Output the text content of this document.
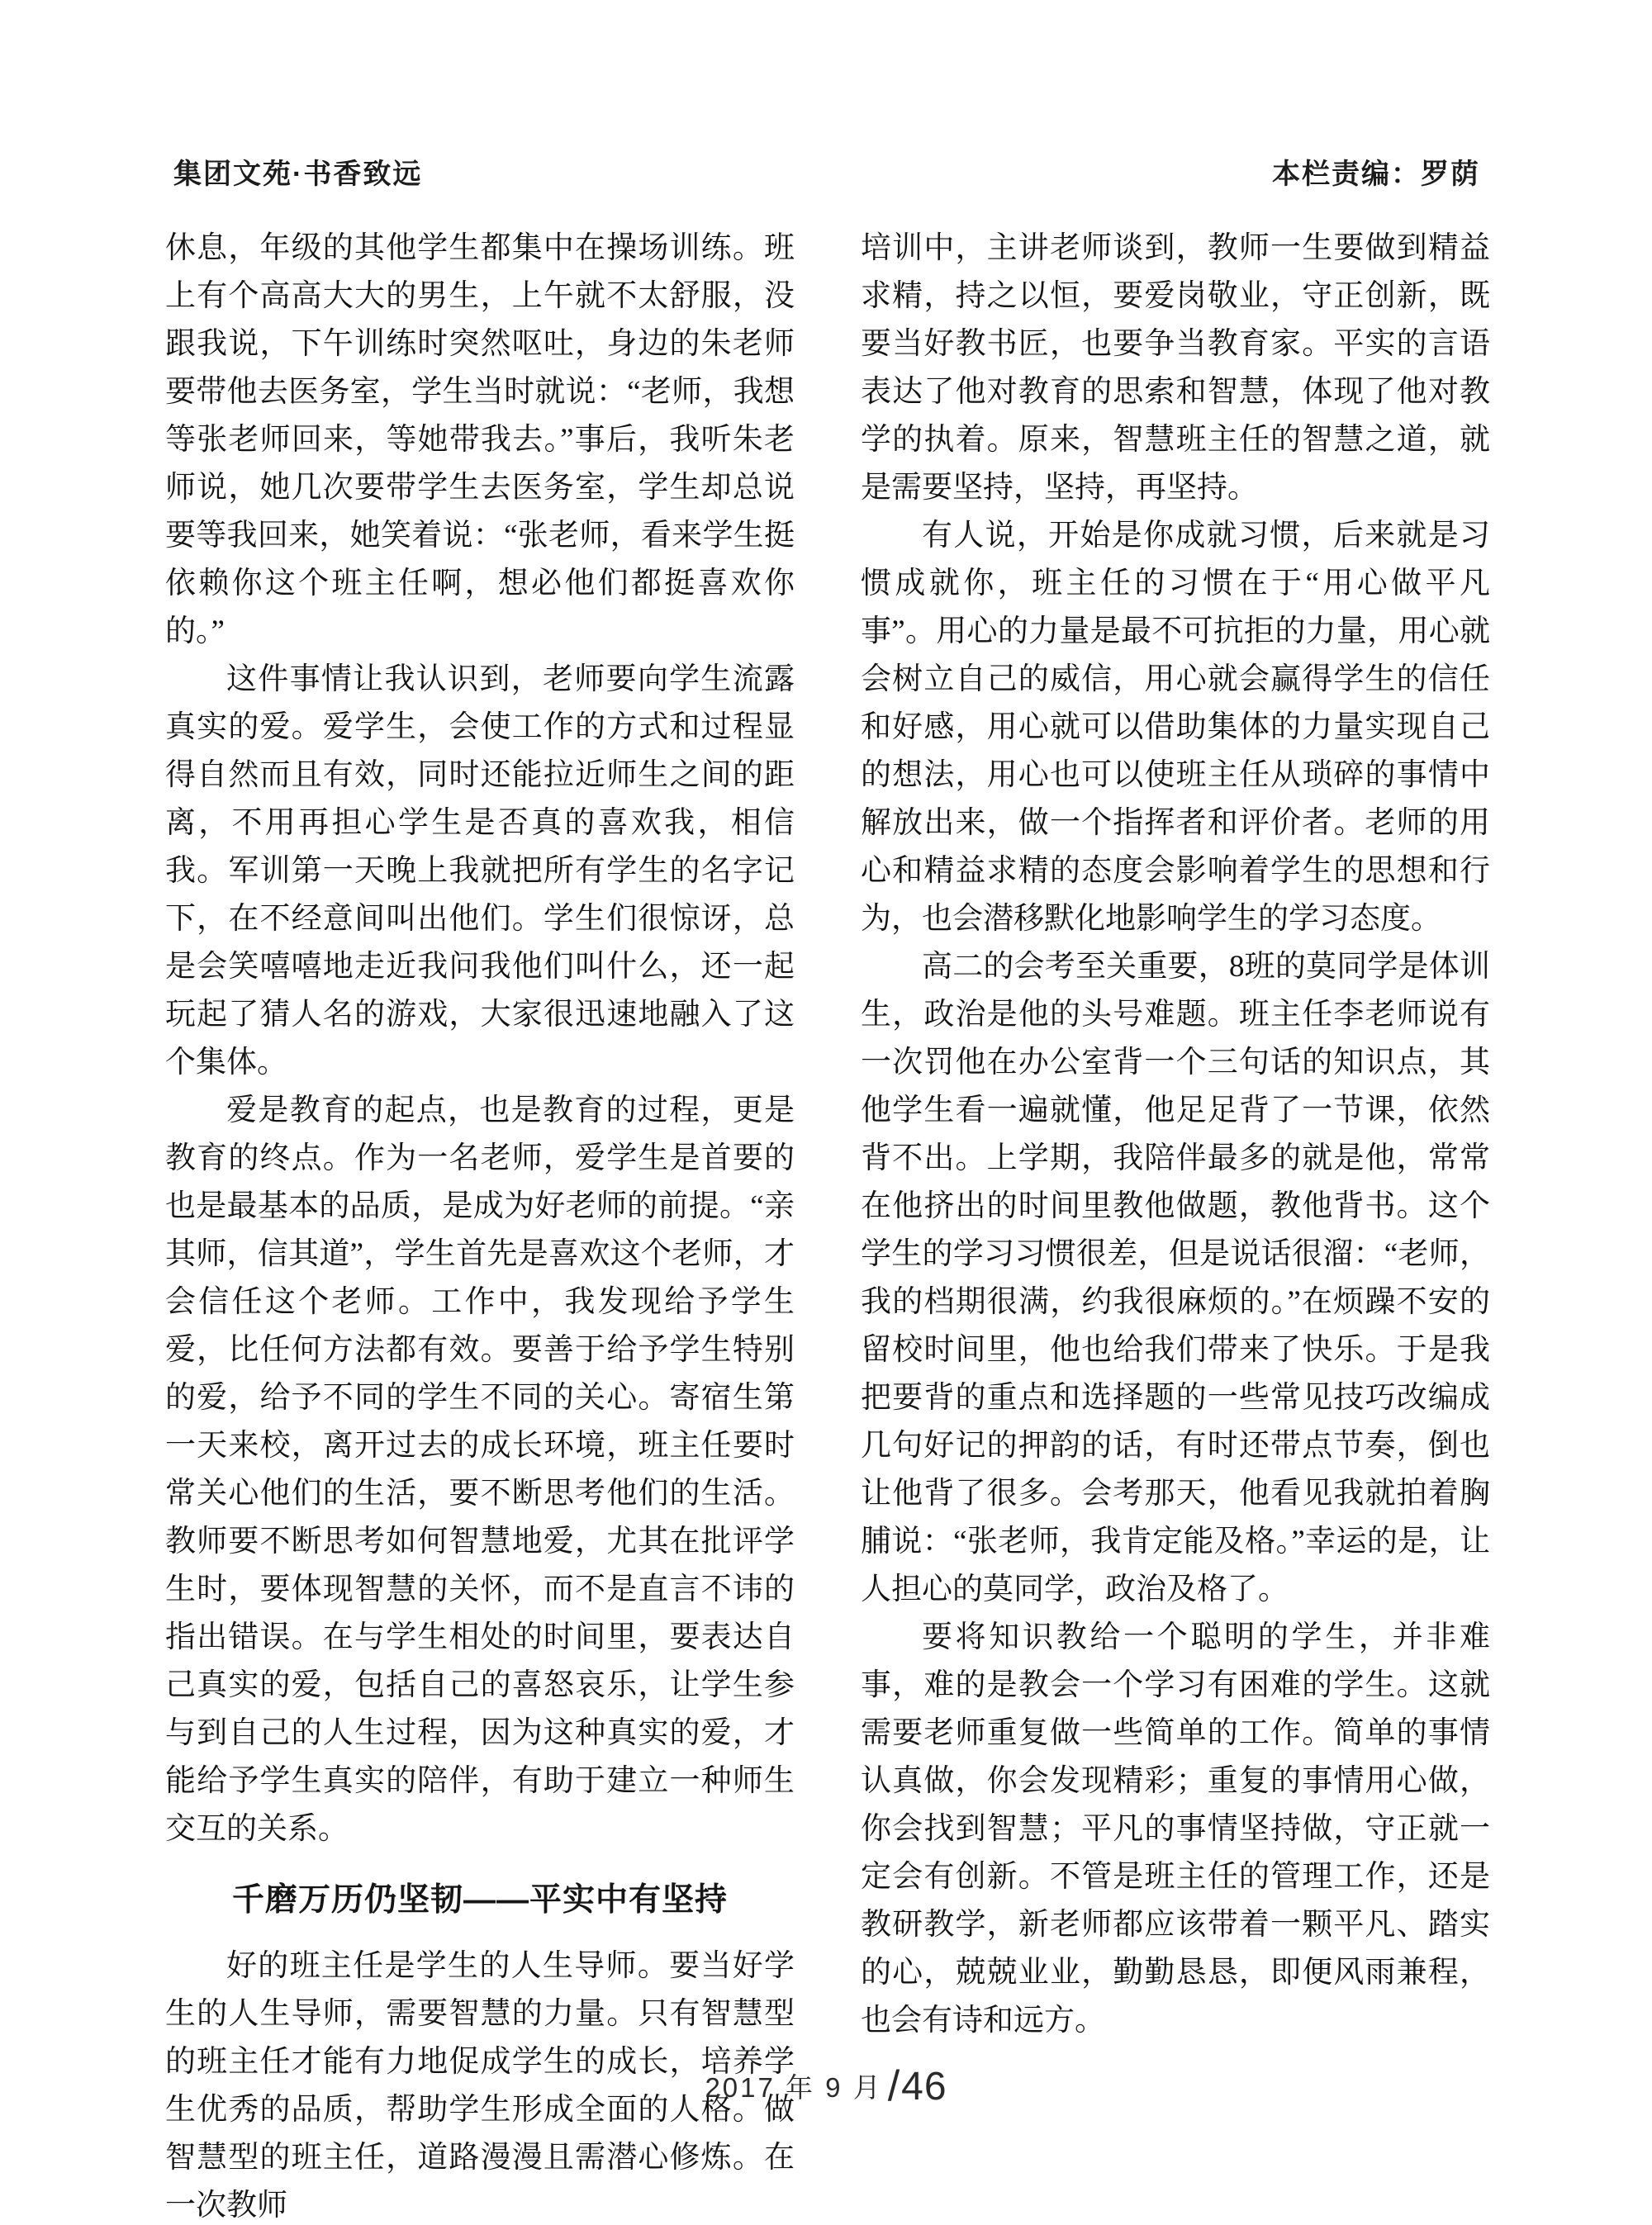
集团文苑·书香致远	本栏责编：罗荫

休息，年级的其他学生都集中在操场训练。班上有个高高大大的男生，上午就不太舒服，没跟我说，下午训练时突然呕吐，身边的朱老师要带他去医务室，学生当时就说：“老师，我想等张老师回来，等她带我去。”事后，我听朱老师说，她几次要带学生去医务室，学生却总说要等我回来，她笑着说：“张老师，看来学生挺依赖你这个班主任啊，想必他们都挺喜欢你的。”

这件事情让我认识到，老师要向学生流露真实的爱。爱学生，会使工作的方式和过程显得自然而且有效，同时还能拉近师生之间的距离，不用再担心学生是否真的喜欢我，相信我。军训第一天晚上我就把所有学生的名字记下，在不经意间叫出他们。学生们很惊讶，总是会笑嘻嘻地走近我问我他们叫什么，还一起玩起了猜人名的游戏，大家很迅速地融入了这个集体。

爱是教育的起点，也是教育的过程，更是教育的终点。作为一名老师，爱学生是首要的也是最基本的品质，是成为好老师的前提。“亲其师，信其道”，学生首先是喜欢这个老师，才会信任这个老师。工作中，我发现给予学生爱，比任何方法都有效。要善于给予学生特别的爱，给予不同的学生不同的关心。寄宿生第一天来校，离开过去的成长环境，班主任要时常关心他们的生活，要不断思考他们的生活。教师要不断思考如何智慧地爱，尤其在批评学生时，要体现智慧的关怀，而不是直言不讳的指出错误。在与学生相处的时间里，要表达自己真实的爱，包括自己的喜怒哀乐，让学生参与到自己的人生过程，因为这种真实的爱，才能给予学生真实的陪伴，有助于建立一种师生交互的关系。

千磨万历仍坚韧——平实中有坚持

好的班主任是学生的人生导师。要当好学生的人生导师，需要智慧的力量。只有智慧型的班主任才能有力地促成学生的成长，培养学生优秀的品质，帮助学生形成全面的人格。做智慧型的班主任，道路漫漫且需潜心修炼。在一次教师

培训中，主讲老师谈到，教师一生要做到精益求精，持之以恒，要爱岗敬业，守正创新，既要当好教书匠，也要争当教育家。平实的言语表达了他对教育的思索和智慧，体现了他对教学的执着。原来，智慧班主任的智慧之道，就是需要坚持，坚持，再坚持。

有人说，开始是你成就习惯，后来就是习惯成就你，班主任的习惯在于“用心做平凡事”。用心的力量是最不可抗拒的力量，用心就会树立自己的威信，用心就会赢得学生的信任和好感，用心就可以借助集体的力量实现自己的想法，用心也可以使班主任从琐碎的事情中解放出来，做一个指挥者和评价者。老师的用心和精益求精的态度会影响着学生的思想和行为，也会潜移默化地影响学生的学习态度。

高二的会考至关重要，8班的莫同学是体训生，政治是他的头号难题。班主任李老师说有一次罚他在办公室背一个三句话的知识点，其他学生看一遍就懂，他足足背了一节课，依然背不出。上学期，我陪伴最多的就是他，常常在他挤出的时间里教他做题，教他背书。这个学生的学习习惯很差，但是说话很溜：“老师，我的档期很满，约我很麻烦的。”在烦躁不安的留校时间里，他也给我们带来了快乐。于是我把要背的重点和选择题的一些常见技巧改编成几句好记的押韵的话，有时还带点节奏，倒也让他背了很多。会考那天，他看见我就拍着胸脯说：“张老师，我肯定能及格。”幸运的是，让人担心的莫同学，政治及格了。

要将知识教给一个聪明的学生，并非难事，难的是教会一个学习有困难的学生。这就需要老师重复做一些简单的工作。简单的事情认真做，你会发现精彩；重复的事情用心做，你会找到智慧；平凡的事情坚持做，守正就一定会有创新。不管是班主任的管理工作，还是教研教学，新老师都应该带着一颗平凡、踏实的心，兢兢业业，勤勤恳恳，即便风雨兼程，也会有诗和远方。

2017 年 9 月 /46
